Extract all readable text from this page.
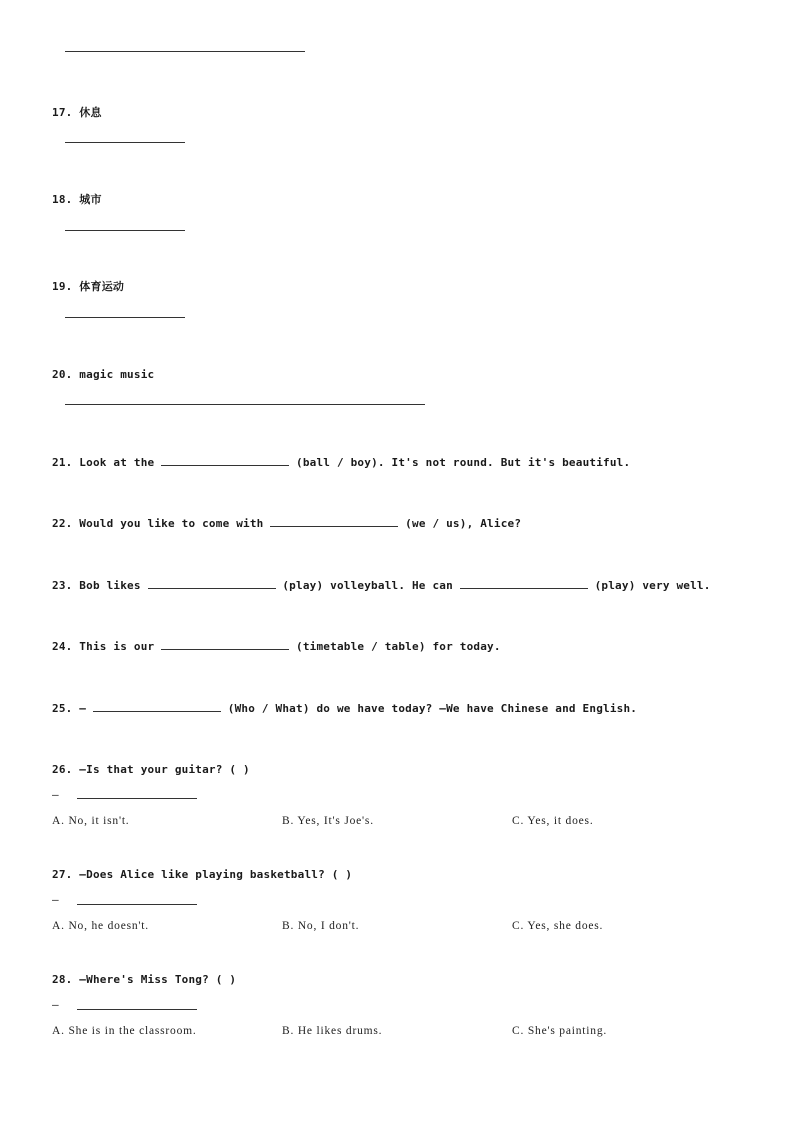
17. 休息
18. 城市
19. 体育运动
20. magic music
21. Look at the	(ball / boy). It's not round. But it's beautiful.
22. Would you like to come with	(we / us), Alice?
23. Bob likes	(play) volleyball. He can	(play) very well.
24. This is our	(timetable / table) for today.
25. —	(Who / What) do we have today? —We have Chinese and English.
26. —Is that your guitar? ( )
—
A. No, it isn't.	B. Yes, It's Joe's.	C. Yes, it does.
27. —Does Alice like playing basketball? ( )
—
A. No, he doesn't.	B. No, I don't.	C. Yes, she does.
28. —Where's Miss Tong? ( )
—
A. She is in the classroom.	B. He likes drums.	C. She's painting.
